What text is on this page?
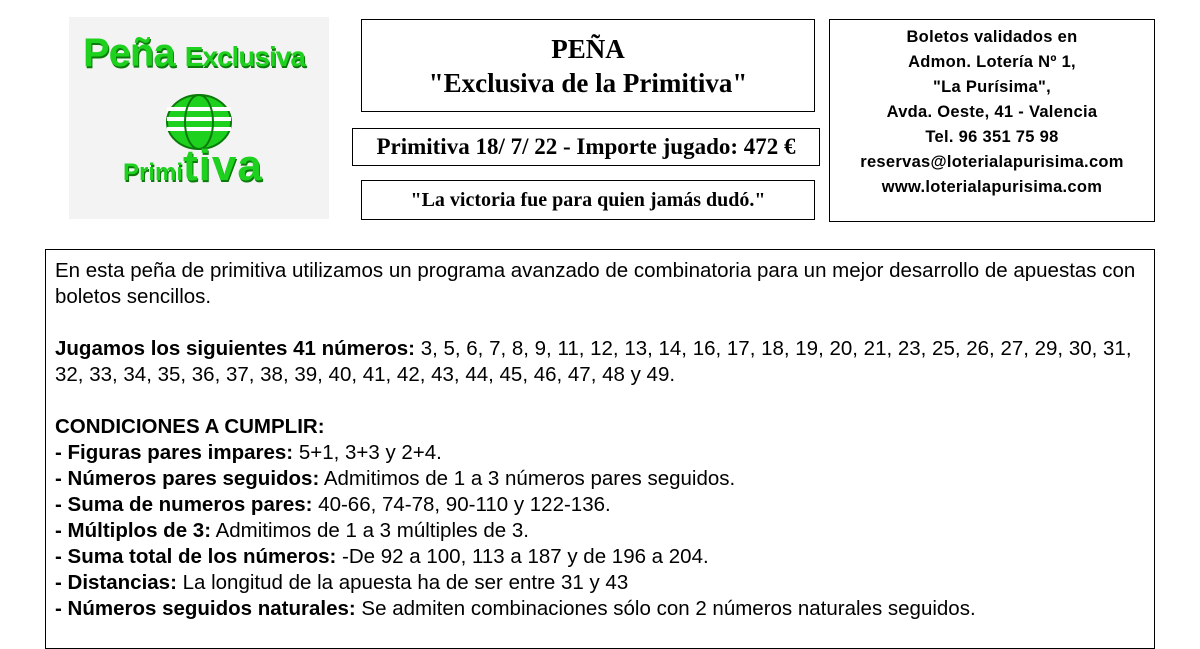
Peña Exclusiva
Primitiva
PEÑA
"Exclusiva de la Primitiva"
Primitiva 18/ 7/ 22 - Importe jugado: 472 €
"La victoria fue para quien jamás dudó."
Boletos validados en
Admon. Lotería Nº 1,
"La Purísima",
Avda. Oeste, 41 - Valencia
Tel. 96 351 75 98
reservas@loterialapurisima.com
www.loterialapurisima.com

En esta peña de primitiva utilizamos un programa avanzado de combinatoria para un mejor desarrollo de apuestas con boletos sencillos.

Jugamos los siguientes 41 números: 3, 5, 6, 7, 8, 9, 11, 12, 13, 14, 16, 17, 18, 19, 20, 21, 23, 25, 26, 27, 29, 30, 31, 32, 33, 34, 35, 36, 37, 38, 39, 40, 41, 42, 43, 44, 45, 46, 47, 48 y 49.

CONDICIONES A CUMPLIR:

- Figuras pares impares: 5+1, 3+3 y 2+4.

- Números pares seguidos: Admitimos de 1 a 3 números pares seguidos.

- Suma de numeros pares: 40-66, 74-78, 90-110 y 122-136.

- Múltiplos de 3: Admitimos de 1 a 3 múltiples de 3.

- Suma total de los números: -De 92 a 100, 113 a 187 y de 196 a 204.

- Distancias: La longitud de la apuesta ha de ser entre 31 y 43

- Números seguidos naturales: Se admiten combinaciones sólo con 2 números naturales seguidos.
